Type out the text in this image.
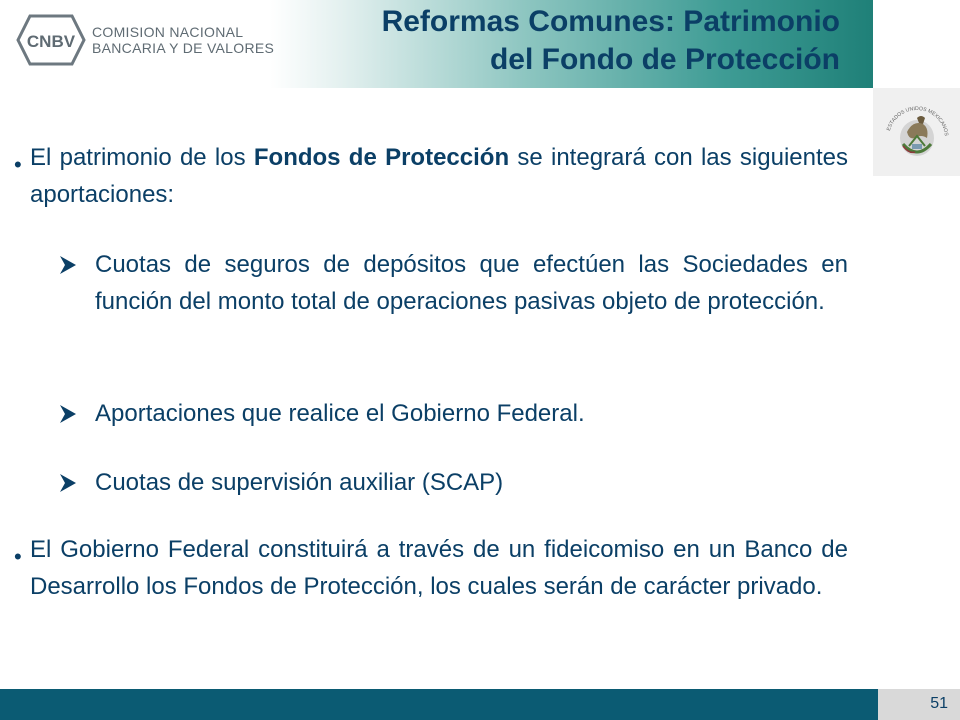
CNBV COMISION NACIONAL
BANCARIA Y DE VALORES
Reformas Comunes: Patrimonio
del Fondo de Protección
ESTADOS UNIDOS MEXICANOS
• El patrimonio de los Fondos de Protección se integrará con las siguientes aportaciones:
Cuotas de seguros de depósitos que efectúen las Sociedades en función del monto total de operaciones pasivas objeto de protección.
Aportaciones que realice el Gobierno Federal.
Cuotas de supervisión auxiliar (SCAP)
• El Gobierno Federal constituirá a través de un fideicomiso en un Banco de Desarrollo los Fondos de Protección, los cuales serán de carácter privado.
51
